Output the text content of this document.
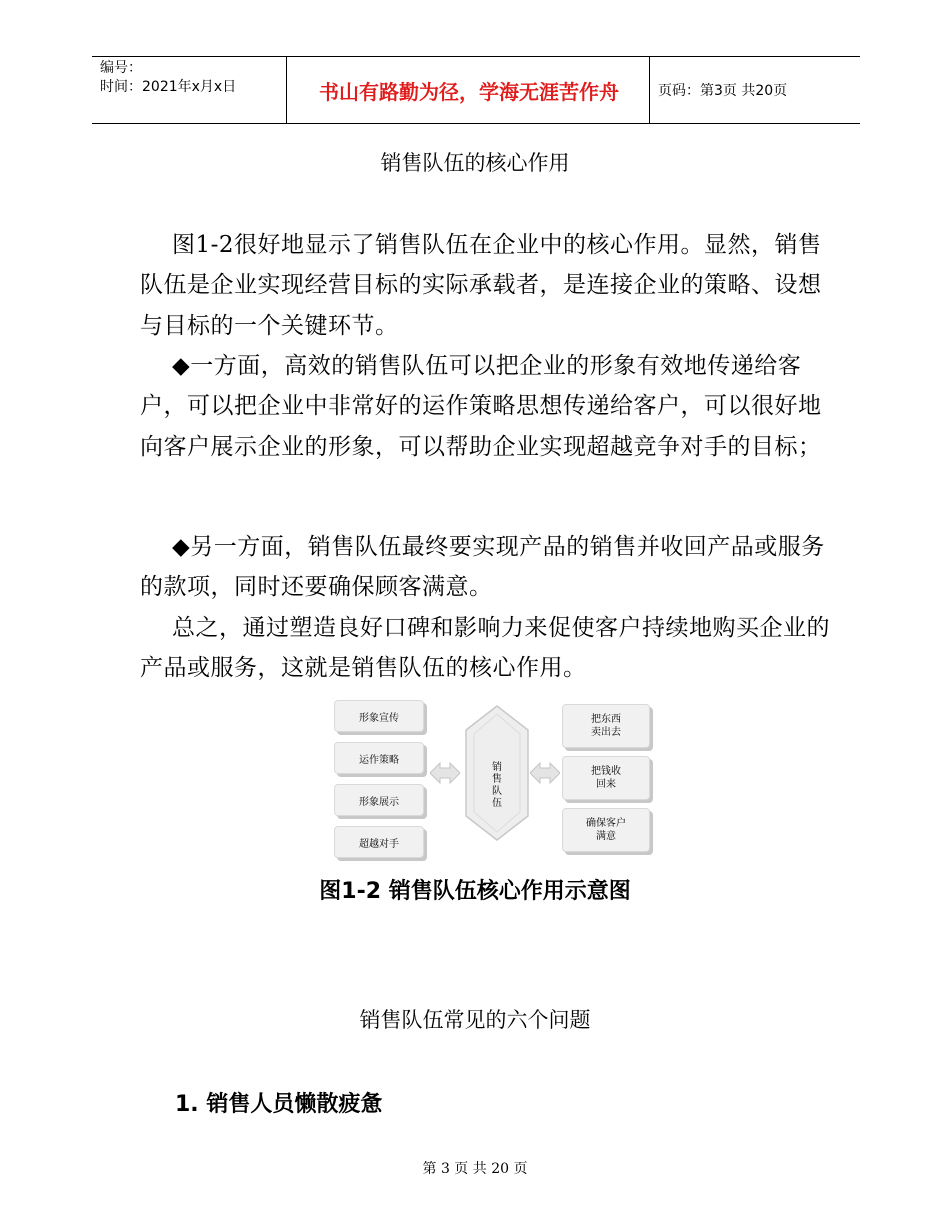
编号：
时间：2021年x月x日	书山有路勤为径，学海无涯苦作舟	页码：第3页 共20页
销售队伍的核心作用
图1-2很好地显示了销售队伍在企业中的核心作用。显然，销售队伍是企业实现经营目标的实际承载者，是连接企业的策略、设想与目标的一个关键环节。
◆一方面，高效的销售队伍可以把企业的形象有效地传递给客户，可以把企业中非常好的运作策略思想传递给客户，可以很好地向客户展示企业的形象，可以帮助企业实现超越竞争对手的目标；
◆另一方面，销售队伍最终要实现产品的销售并收回产品或服务的款项，同时还要确保顾客满意。
总之，通过塑造良好口碑和影响力来促使客户持续地购买企业的产品或服务，这就是销售队伍的核心作用。
形象宣传
运作策略
形象展示
超越对手
销售队伍
把东西卖出去
把钱收回来
确保客户满意
图1-2 销售队伍核心作用示意图
销售队伍常见的六个问题
1. 销售人员懒散疲惫
第 3 页 共 20 页
